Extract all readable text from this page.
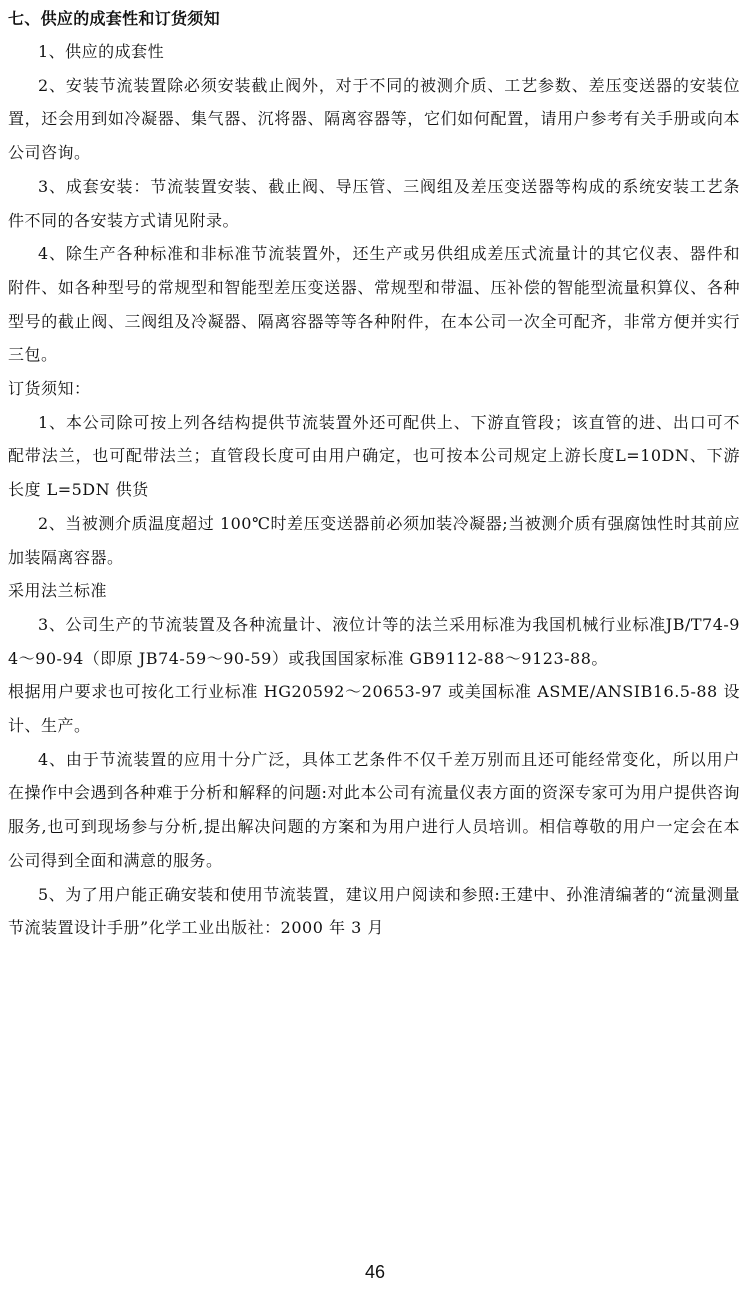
七、供应的成套性和订货须知

1、供应的成套性

2、安装节流装置除必须安装截止阀外，对于不同的被测介质、工艺参数、差压变送器的安装位置，还会用到如冷凝器、集气器、沉将器、隔离容器等，它们如何配置，请用户参考有关手册或向本公司咨询。

3、成套安装：节流装置安装、截止阀、导压管、三阀组及差压变送器等构成的系统安装工艺条件不同的各安装方式请见附录。

4、除生产各种标准和非标准节流装置外，还生产或另供组成差压式流量计的其它仪表、器件和附件、如各种型号的常规型和智能型差压变送器、常规型和带温、压补偿的智能型流量积算仪、各种型号的截止阀、三阀组及冷凝器、隔离容器等等各种附件，在本公司一次全可配齐，非常方便并实行三包。

订货须知：

1、本公司除可按上列各结构提供节流装置外还可配供上、下游直管段；该直管的进、出口可不配带法兰，也可配带法兰；直管段长度可由用户确定，也可按本公司规定上游长度L=10DN、下游长度 L=5DN 供货

2、当被测介质温度超过 100℃时差压变送器前必须加装冷凝器;当被测介质有强腐蚀性时其前应加装隔离容器。

采用法兰标准

3、公司生产的节流装置及各种流量计、液位计等的法兰采用标准为我国机械行业标准JB/T74-94～90-94（即原 JB74-59～90-59）或我国国家标准 GB9112-88～9123-88。

根据用户要求也可按化工行业标准 HG20592～20653-97 或美国标准 ASME/ANSIB16.5-88 设计、生产。

4、由于节流装置的应用十分广泛，具体工艺条件不仅千差万别而且还可能经常变化，所以用户在操作中会遇到各种难于分析和解释的问题:对此本公司有流量仪表方面的资深专家可为用户提供咨询服务,也可到现场参与分析,提出解决问题的方案和为用户进行人员培训。相信尊敬的用户一定会在本公司得到全面和满意的服务。

5、为了用户能正确安装和使用节流装置，建议用户阅读和参照:王建中、孙淮清编著的“流量测量节流装置设计手册”化学工业出版社：2000 年 3 月

46
